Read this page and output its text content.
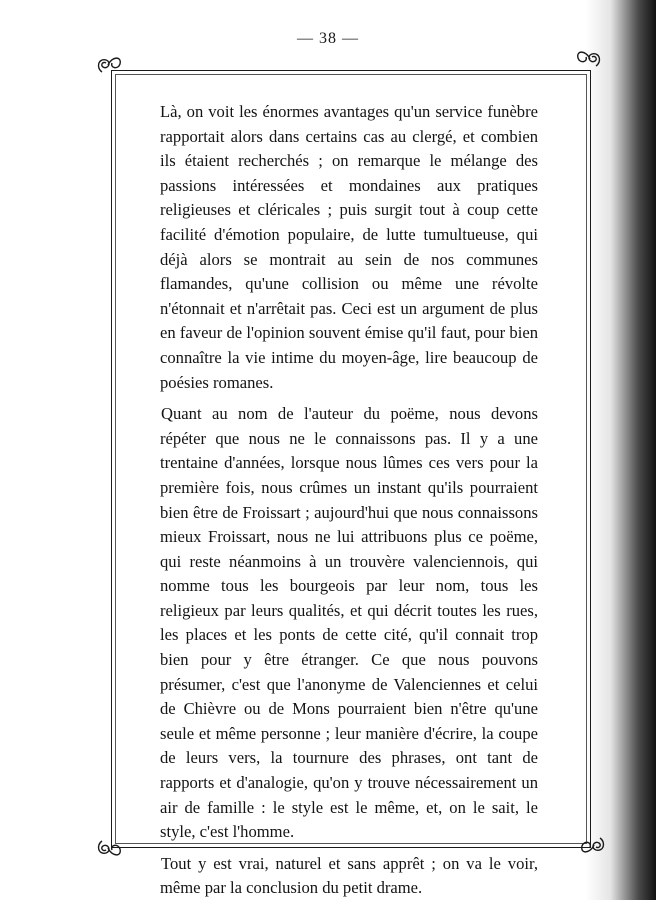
— 38 —

Là, on voit les énormes avantages qu'un service funèbre rapportait alors dans certains cas au clergé, et combien ils étaient recherchés ; on remarque le mélange des passions intéressées et mondaines aux pratiques religieuses et cléricales ; puis surgit tout à coup cette facilité d'émotion populaire, de lutte tumultueuse, qui déjà alors se montrait au sein de nos communes flamandes, qu'une collision ou même une révolte n'étonnait et n'arrêtait pas. Ceci est un argument de plus en faveur de l'opinion souvent émise qu'il faut, pour bien connaître la vie intime du moyen-âge, lire beaucoup de poésies romanes.

Quant au nom de l'auteur du poëme, nous devons répéter que nous ne le connaissons pas. Il y a une trentaine d'années, lorsque nous lûmes ces vers pour la première fois, nous crûmes un instant qu'ils pourraient bien être de Froissart ; aujourd'hui que nous connaissons mieux Froissart, nous ne lui attribuons plus ce poëme, qui reste néanmoins à un trouvère valenciennois, qui nomme tous les bourgeois par leur nom, tous les religieux par leurs qualités, et qui décrit toutes les rues, les places et les ponts de cette cité, qu'il connait trop bien pour y être étranger. Ce que nous pouvons présumer, c'est que l'anonyme de Valenciennes et celui de Chièvre ou de Mons pourraient bien n'être qu'une seule et même personne ; leur manière d'écrire, la coupe de leurs vers, la tournure des phrases, ont tant de rapports et d'analogie, qu'on y trouve nécessairement un air de famille : le style est le même, et, on le sait, le style, c'est l'homme.

Tout y est vrai, naturel et sans apprêt ; on va le voir, même par la conclusion du petit drame.
